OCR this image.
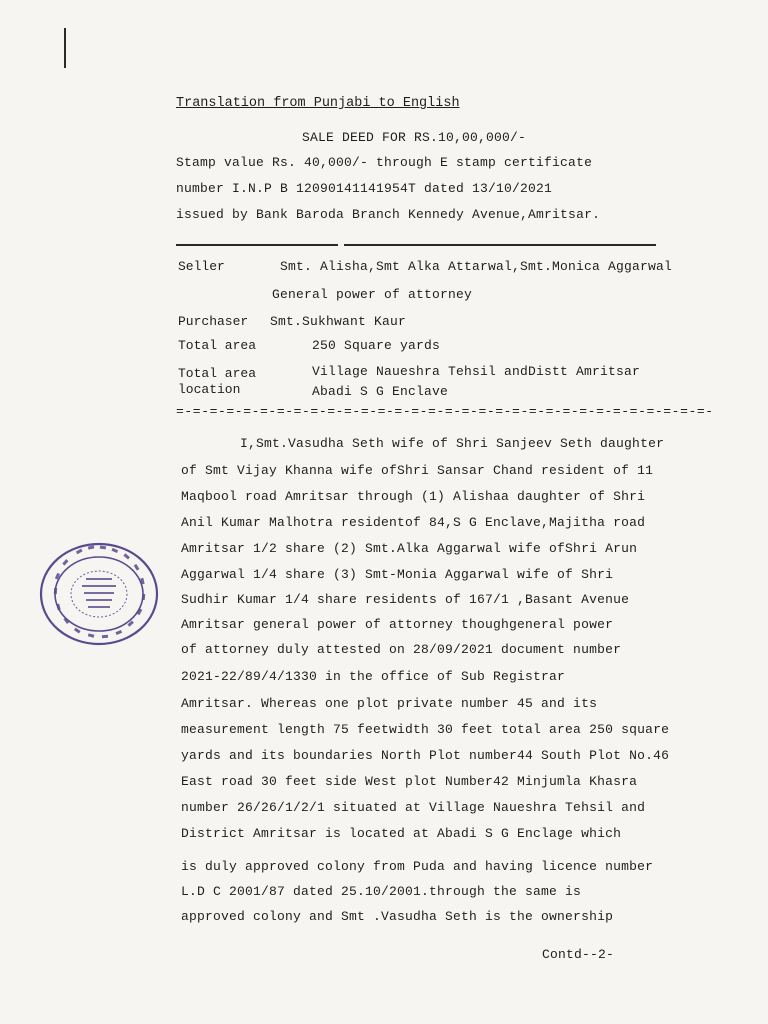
Translation from Punjabi to English
SALE DEED FOR RS.10,00,000/-
Stamp value Rs. 40,000/- through E stamp certificate
number I.N.P B 12090141141954T dated 13/10/2021
issued by Bank Baroda Branch Kennedy Avenue,Amritsar.
Seller	Smt. Alisha,Smt Alka Attarwal,Smt.Monica Aggarwal
General power of attorney
Purchaser Smt.Sukhwant Kaur
Total area	250 Square yards
Total area
location
Village Naueshra Tehsil andDistt Amritsar
Abadi S G Enclave
=-=-=-=-=-=-=-=-=-=-=-=-=-=-=-=-=-=-=-=-=-=-=-=-=-=-=-=-=-=-=-=-
I,Smt.Vasudha Seth wife of Shri Sanjeev Seth daughter
of Smt Vijay Khanna wife ofShri Sansar Chand resident of 11
Maqbool road Amritsar through (1) Alishaa daughter of Shri
Anil Kumar Malhotra residentof 84,S G Enclave,Majitha road
Amritsar 1/2 share (2) Smt.Alka Aggarwal wife ofShri Arun
Aggarwal 1/4 share (3) Smt-Monia Aggarwal wife of Shri
Sudhir Kumar 1/4 share residents of 167/1 ,Basant Avenue
Amritsar general power of attorney thoughgeneral power
of attorney duly attested on 28/09/2021 document number
2021-22/89/4/1330 in the office of Sub Registrar
Amritsar. Whereas one plot private number 45 and its
measurement length 75 feetwidth 30 feet total area 250 square
yards and its boundaries North Plot number44 South Plot No.46
East road 30 feet side West plot Number42 Minjumla Khasra
number 26/26/1/2/1 situated at Village Naueshra Tehsil and
District Amritsar is located at Abadi S G Enclage which
is duly approved colony from Puda and having licence number
L.D C 2001/87 dated 25.10/2001.through the same is
approved colony and Smt .Vasudha Seth is the ownership
Contd--2-
